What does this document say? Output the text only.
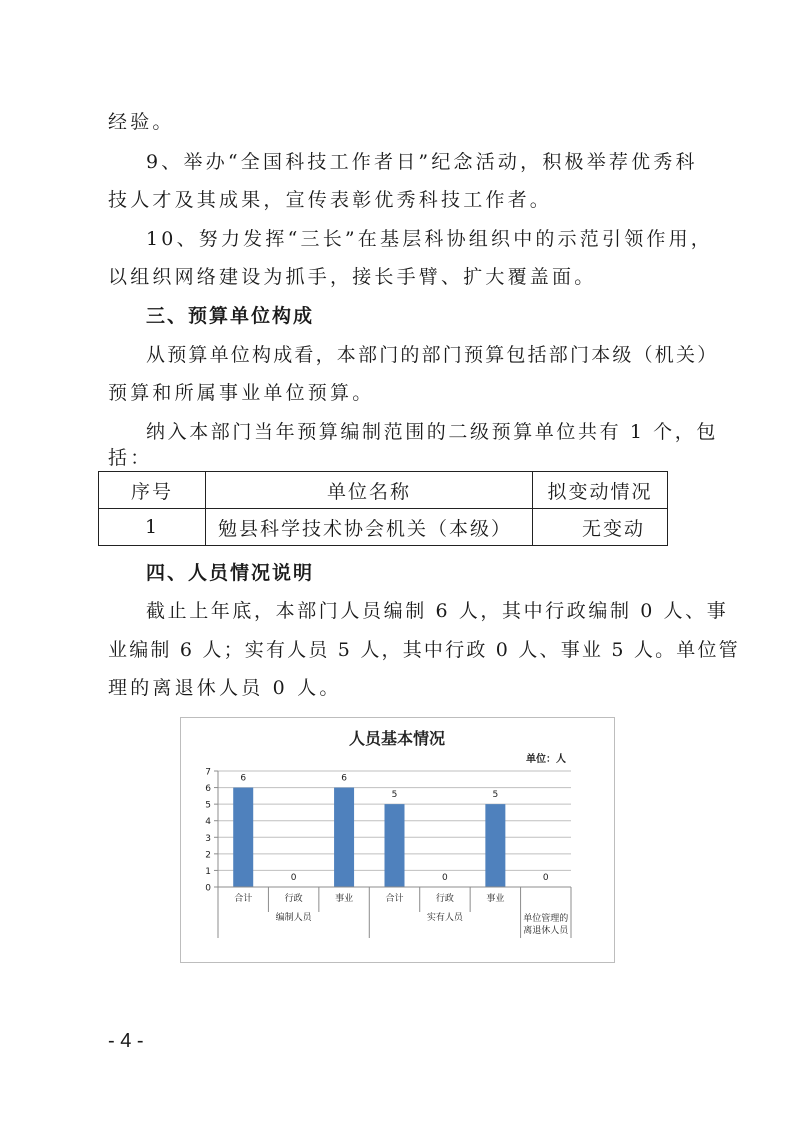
经验。
9、举办“全国科技工作者日”纪念活动，积极举荐优秀科
技人才及其成果，宣传表彰优秀科技工作者。
10、努力发挥“三长”在基层科协组织中的示范引领作用，
以组织网络建设为抓手，接长手臂、扩大覆盖面。
三、预算单位构成
从预算单位构成看，本部门的部门预算包括部门本级（机关）
预算和所属事业单位预算。
纳入本部门当年预算编制范围的二级预算单位共有 1 个，包
括：
序号	单位名称	拟变动情况
1	勉县科学技术协会机关（本级）	无变动
四、人员情况说明
截止上年底，本部门人员编制 6 人，其中行政编制 0 人、事
业编制 6 人；实有人员 5 人，其中行政 0 人、事业 5 人。单位管
理的离退休人员 0 人。
人员基本情况
单位：人
0
1
2
3
4
5
6
7
6
0
6
5
0
5
0
合计	行政	事业	合计	行政	事业
编制人员	实有人员	单位管理的
离退休人员
- 4 -
